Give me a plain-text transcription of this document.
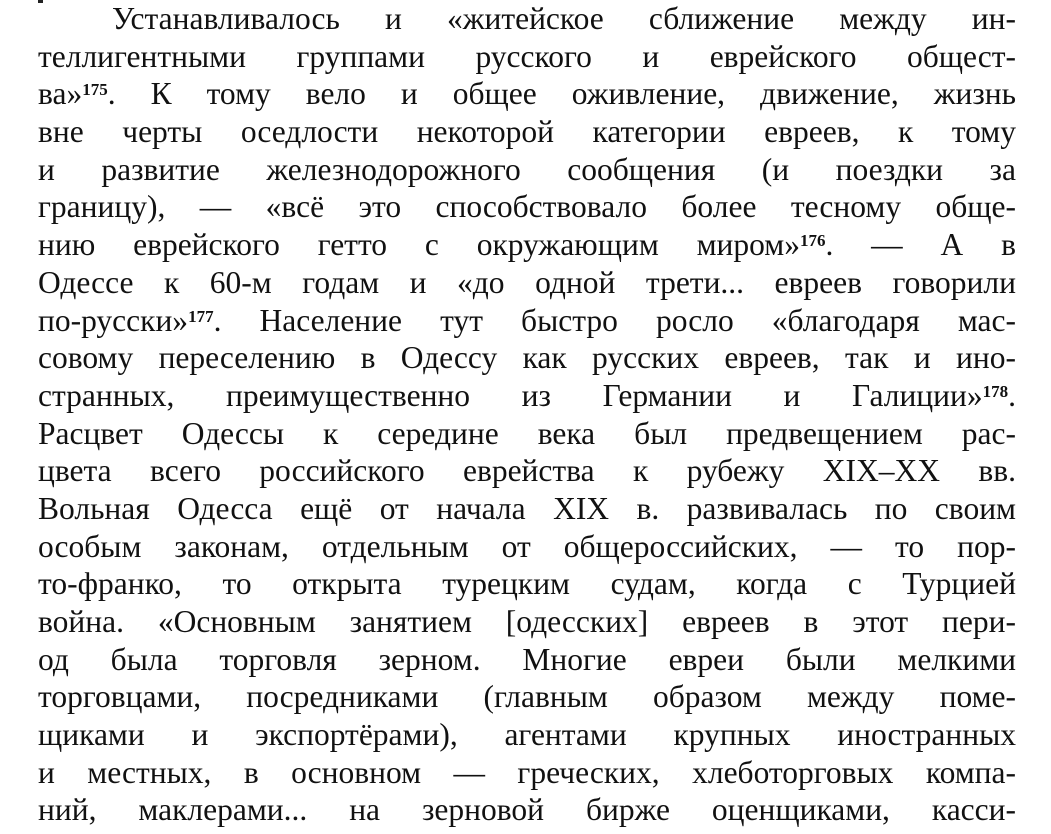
Устанавливалось и «житейское сближение между ин-
теллигентными группами русского и еврейского общест-
ва»$^{175}$. К тому вело и общее оживление, движение, жизнь
вне черты оседлости некоторой категории евреев, к тому
и развитие железнодорожного сообщения (и поездки за
границу), — «всё это способствовало более тесному обще-
нию еврейского гетто с окружающим миром»$^{176}$. — А в
Одессе к 60-м годам и «до одной трети... евреев говорили
по-русски»$^{177}$. Население тут быстро росло «благодаря мас-
совому переселению в Одессу как русских евреев, так и ино-
странных, преимущественно из Германии и Галиции»$^{178}$.
Расцвет Одессы к середине века был предвещением рас-
цвета всего российского еврейства к рубежу XIX–XX вв.
Вольная Одесса ещё от начала XIX в. развивалась по своим
особым законам, отдельным от общероссийских, — то пор-
то-франко, то открыта турецким судам, когда с Турцией
война. «Основным занятием [одесских] евреев в этот пери-
од была торговля зерном. Многие евреи были мелкими
торговцами, посредниками (главным образом между поме-
щиками и экспортёрами), агентами крупных иностранных
и местных, в основном — греческих, хлеботорговых компа-
ний, маклерами... на зерновой бирже оценщиками, касси-
